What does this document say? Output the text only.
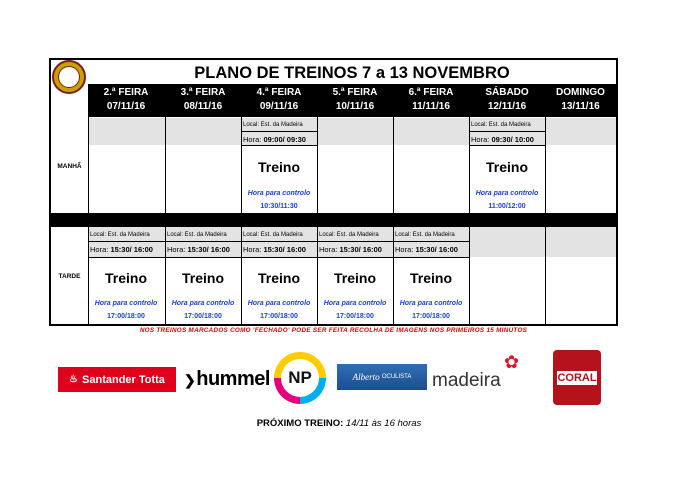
PLANO DE TREINOS 7 a 13 NOVEMBRO
2.ª FEIRA
07/11/16
3.ª FEIRA
08/11/16
4.ª FEIRA
09/11/16
5.ª FEIRA
10/11/16
6.ª FEIRA
11/11/16
SÁBADO
12/11/16
DOMINGO
13/11/16
MANHÃ
TARDE
Local: Est. da Madeira
Hora: 09:00/ 09:30
Treino
Hora para controlo
10:30/11:30
Local: Est. da Madeira
Hora: 09:30/ 10:00
Treino
Hora para controlo
11:00/12:00
Local: Est. da Madeira
Hora: 15:30/ 16:00
Treino
Hora para controlo
17:00/18:00
Local: Est. da Madeira
Hora: 15:30/ 16:00
Treino
Hora para controlo
17:00/18:00
Local: Est. da Madeira
Hora: 15:30/ 16:00
Treino
Hora para controlo
17:00/18:00
Local: Est. da Madeira
Hora: 15:30/ 16:00
Treino
Hora para controlo
17:00/18:00
Local: Est. da Madeira
Hora: 15:30/ 16:00
Treino
Hora para controlo
17:00/18:00
NOS TREINOS MARCADOS COMO 'FECHADO' PODE SER FEITA RECOLHA DE IMAGENS NOS PRIMEIROS 15 MINUTOS
♨ Santander Totta ❯hummel	NP	Alberto
OCULISTA madeira
✿
CORAL
PRÓXIMO TREINO: 14/11 às 16 horas
